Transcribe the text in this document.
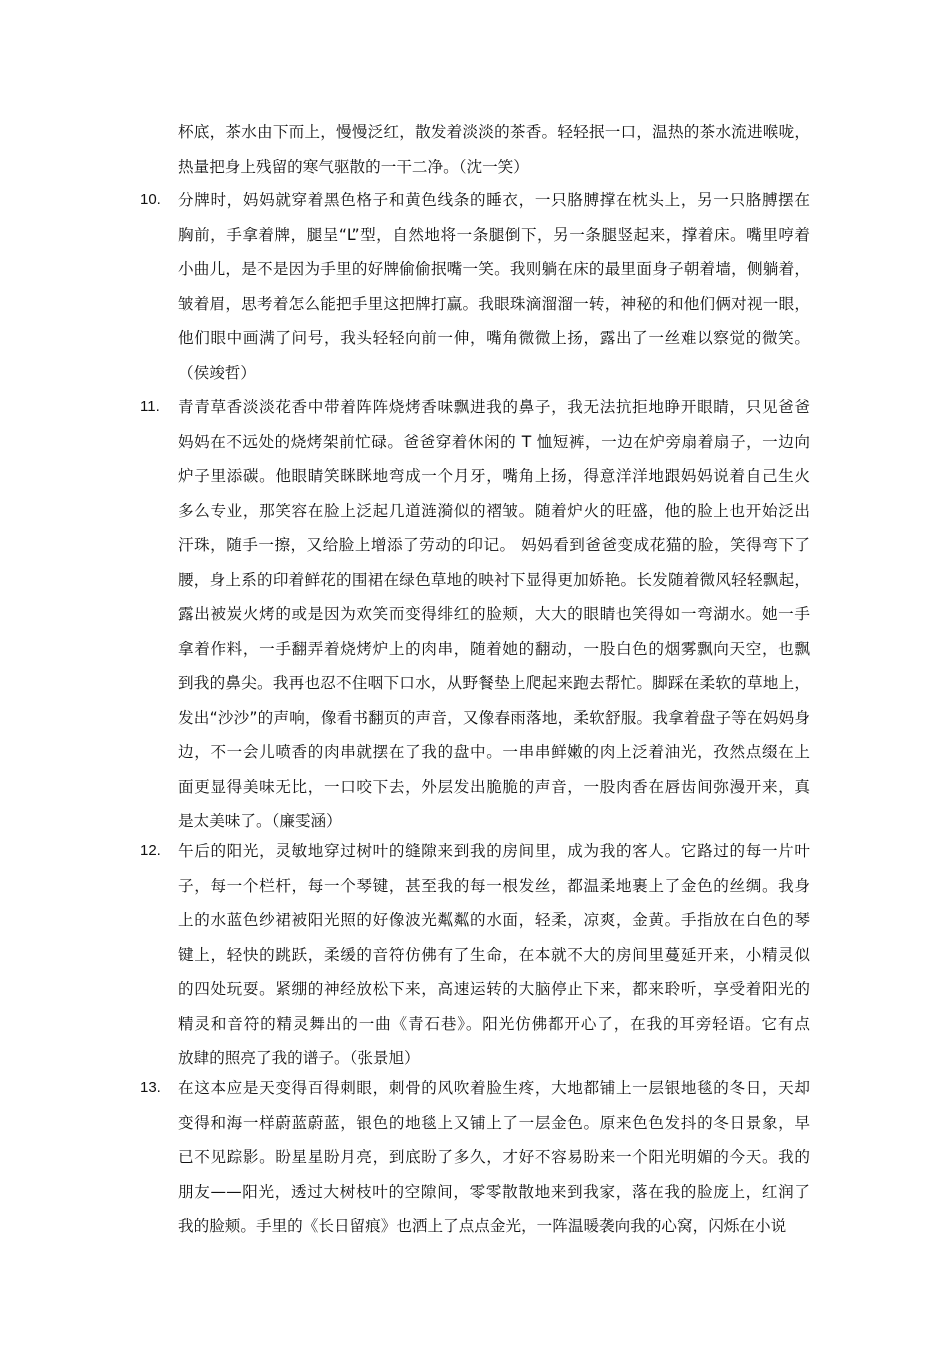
杯底，茶水由下而上，慢慢泛红，散发着淡淡的茶香。轻轻抿一口，温热的茶水流进喉咙，
热量把身上残留的寒气驱散的一干二净。（沈一笑）
10. 分牌时，妈妈就穿着黑色格子和黄色线条的睡衣，一只胳膊撑在枕头上，另一只胳膊摆在
胸前，手拿着牌，腿呈“L”型，自然地将一条腿倒下，另一条腿竖起来，撑着床。嘴里哼着
小曲儿，是不是因为手里的好牌偷偷抿嘴一笑。我则躺在床的最里面身子朝着墙，侧躺着，
皱着眉，思考着怎么能把手里这把牌打赢。我眼珠滴溜溜一转，神秘的和他们俩对视一眼，
他们眼中画满了问号，我头轻轻向前一伸，嘴角微微上扬，露出了一丝难以察觉的微笑。
（侯竣哲）
11. 青青草香淡淡花香中带着阵阵烧烤香味飘进我的鼻子，我无法抗拒地睁开眼睛，只见爸爸
妈妈在不远处的烧烤架前忙碌。爸爸穿着休闲的 T 恤短裤，一边在炉旁扇着扇子，一边向
炉子里添碳。他眼睛笑眯眯地弯成一个月牙，嘴角上扬，得意洋洋地跟妈妈说着自己生火
多么专业，那笑容在脸上泛起几道涟漪似的褶皱。随着炉火的旺盛，他的脸上也开始泛出
汗珠，随手一擦，又给脸上增添了劳动的印记。 妈妈看到爸爸变成花猫的脸，笑得弯下了
腰，身上系的印着鲜花的围裙在绿色草地的映衬下显得更加娇艳。长发随着微风轻轻飘起，
露出被炭火烤的或是因为欢笑而变得绯红的脸颊，大大的眼睛也笑得如一弯湖水。她一手
拿着作料，一手翻弄着烧烤炉上的肉串，随着她的翻动，一股白色的烟雾飘向天空，也飘
到我的鼻尖。我再也忍不住咽下口水，从野餐垫上爬起来跑去帮忙。脚踩在柔软的草地上，
发出“沙沙”的声响，像看书翻页的声音，又像春雨落地，柔软舒服。我拿着盘子等在妈妈身
边，不一会儿喷香的肉串就摆在了我的盘中。一串串鲜嫩的肉上泛着油光，孜然点缀在上
面更显得美味无比，一口咬下去，外层发出脆脆的声音，一股肉香在唇齿间弥漫开来，真
是太美味了。（廉雯涵）
12. 午后的阳光，灵敏地穿过树叶的缝隙来到我的房间里，成为我的客人。它路过的每一片叶
子，每一个栏杆，每一个琴键，甚至我的每一根发丝，都温柔地裹上了金色的丝绸。我身
上的水蓝色纱裙被阳光照的好像波光粼粼的水面，轻柔，凉爽，金黄。手指放在白色的琴
键上，轻快的跳跃，柔缓的音符仿佛有了生命，在本就不大的房间里蔓延开来，小精灵似
的四处玩耍。紧绷的神经放松下来，高速运转的大脑停止下来，都来聆听，享受着阳光的
精灵和音符的精灵舞出的一曲《青石巷》。阳光仿佛都开心了，在我的耳旁轻语。它有点
放肆的照亮了我的谱子。（张景旭）
13. 在这本应是天变得百得刺眼，刺骨的风吹着脸生疼，大地都铺上一层银地毯的冬日，天却
变得和海一样蔚蓝蔚蓝，银色的地毯上又铺上了一层金色。原来色色发抖的冬日景象，早
已不见踪影。盼星星盼月亮，到底盼了多久，才好不容易盼来一个阳光明媚的今天。我的
朋友——阳光，透过大树枝叶的空隙间，零零散散地来到我家，落在我的脸庞上，红润了
我的脸颊。手里的《长日留痕》也洒上了点点金光，一阵温暖袭向我的心窝，闪烁在小说
